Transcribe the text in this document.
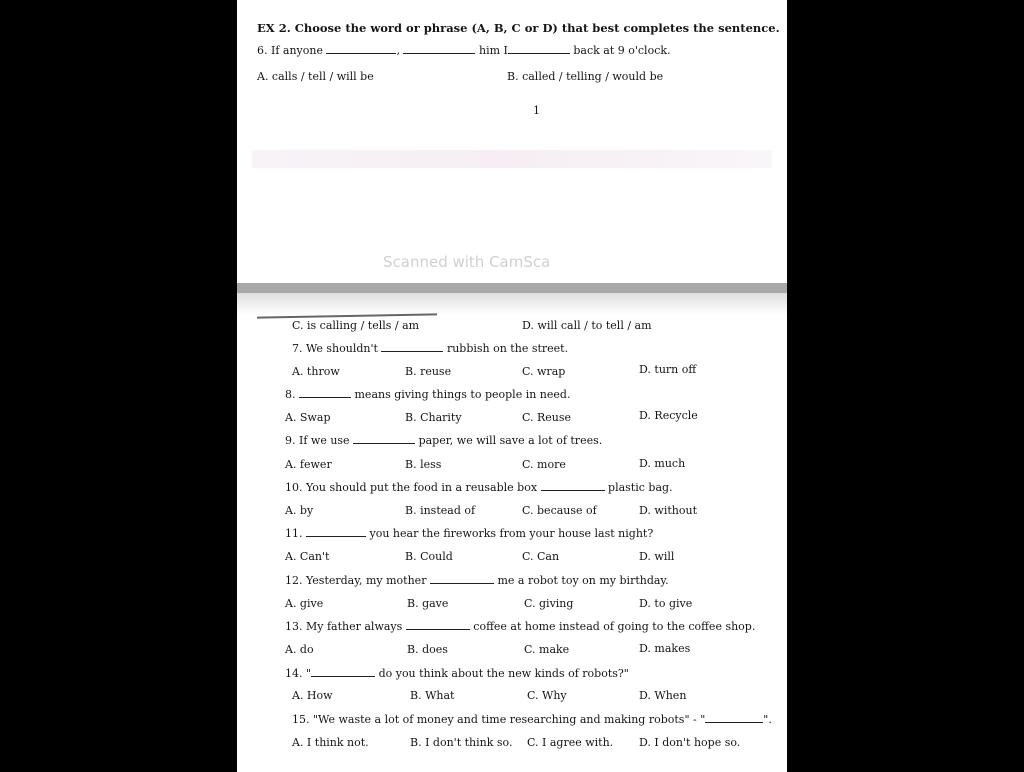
EX 2. Choose the word or phrase (A, B, C or D) that best completes the sentence.
6. If anyone	,	him I	back at 9 o'clock.
A. calls / tell / will be	B. called / telling / would be
1
Scanned with CamSca
C. is calling / tells / am	D. will call / to tell / am
7. We shouldn't	rubbish on the street.
A. throw	B. reuse	C. wrap	D. turn off
8.	means giving things to people in need.
A. Swap	B. Charity	C. Reuse	D. Recycle
9. If we use	paper, we will save a lot of trees.
A. fewer	B. less	C. more	D. much
10. You should put the food in a reusable box	plastic bag.
A. by	B. instead of	C. because of	D. without
11.	you hear the fireworks from your house last night?
A. Can't	B. Could	C. Can	D. will
12. Yesterday, my mother	me a robot toy on my birthday.
A. give	B. gave	C. giving	D. to give
13. My father always	coffee at home instead of going to the coffee shop.
A. do	B. does	C. make	D. makes
14. "	do you think about the new kinds of robots?"
A. How	B. What	C. Why	D. When
15. "We waste a lot of money and time researching and making robots" - "	".
A. I think not.	B. I don't think so. C. I agree with. D. I don't hope so.
